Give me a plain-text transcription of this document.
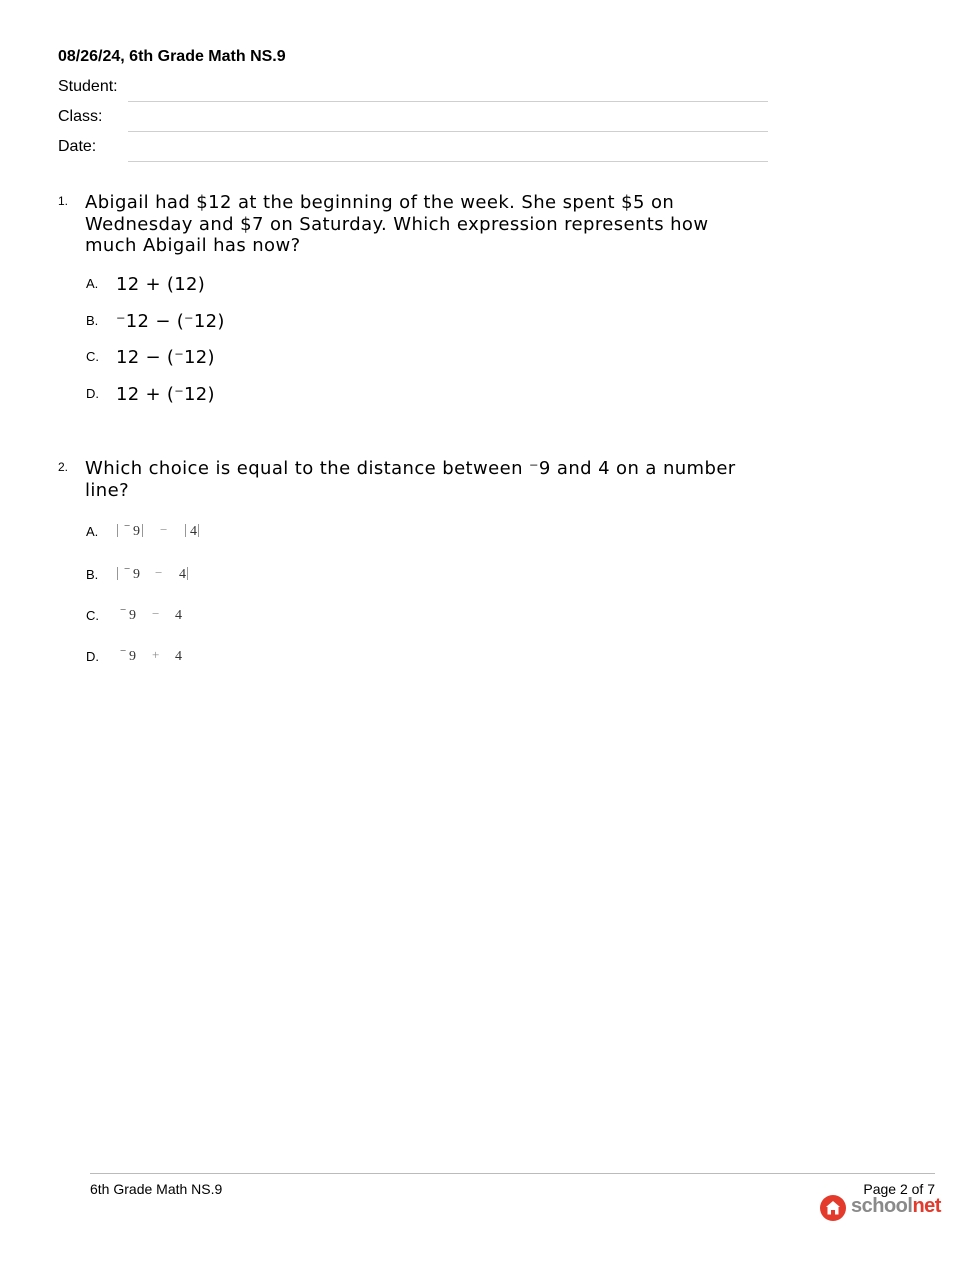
08/26/24, 6th Grade Math NS.9
Student:
Class:
Date:
1. Abigail had $12 at the beginning of the week. She spent $5 on Wednesday and $7 on Saturday. Which expression represents how much Abigail has now?
A. 12 + (12)
B. ⁻12 − (⁻12)
C. 12 − (⁻12)
D. 12 + (⁻12)
2. Which choice is equal to the distance between ⁻9 and 4 on a number line?
A. | − 9 | − | 4 |
B. | − 9 − 4 |
C. − 9 − 4
D. − 9 + 4
6th Grade Math NS.9	Page 2 of 7
schoolnet
